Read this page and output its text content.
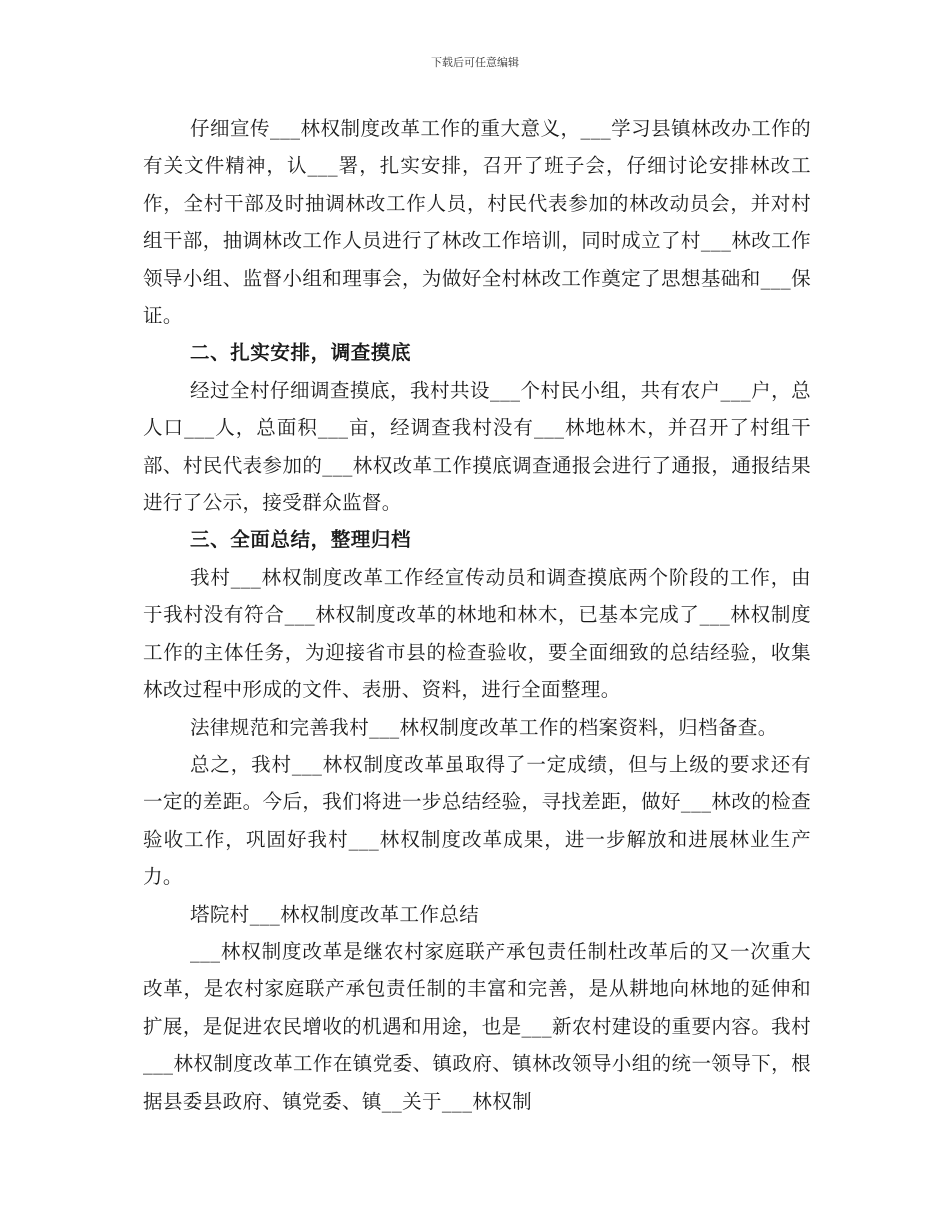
下载后可任意编辑

仔细宣传___林权制度改革工作的重大意义，___学习县镇林改办工作的有关文件精神，认___署，扎实安排，召开了班子会，仔细讨论安排林改工作，全村干部及时抽调林改工作人员，村民代表参加的林改动员会，并对村组干部，抽调林改工作人员进行了林改工作培训，同时成立了村___林改工作领导小组、监督小组和理事会，为做好全村林改工作奠定了思想基础和___保证。

二、扎实安排，调查摸底

经过全村仔细调查摸底，我村共设___个村民小组，共有农户___户，总人口___人，总面积___亩，经调查我村没有___林地林木，并召开了村组干部、村民代表参加的___林权改革工作摸底调查通报会进行了通报，通报结果进行了公示，接受群众监督。

三、全面总结，整理归档

我村___林权制度改革工作经宣传动员和调查摸底两个阶段的工作，由于我村没有符合___林权制度改革的林地和林木，已基本完成了___林权制度工作的主体任务，为迎接省市县的检查验收，要全面细致的总结经验，收集林改过程中形成的文件、表册、资料，进行全面整理。

法律规范和完善我村___林权制度改革工作的档案资料，归档备查。

总之，我村___林权制度改革虽取得了一定成绩，但与上级的要求还有一定的差距。今后，我们将进一步总结经验，寻找差距，做好___林改的检查验收工作，巩固好我村___林权制度改革成果，进一步解放和进展林业生产力。

塔院村___林权制度改革工作总结

___林权制度改革是继农村家庭联产承包责任制杜改革后的又一次重大改革，是农村家庭联产承包责任制的丰富和完善，是从耕地向林地的延伸和扩展，是促进农民增收的机遇和用途，也是___新农村建设的重要内容。我村___林权制度改革工作在镇党委、镇政府、镇林改领导小组的统一领导下，根据县委县政府、镇党委、镇__关于___林权制
